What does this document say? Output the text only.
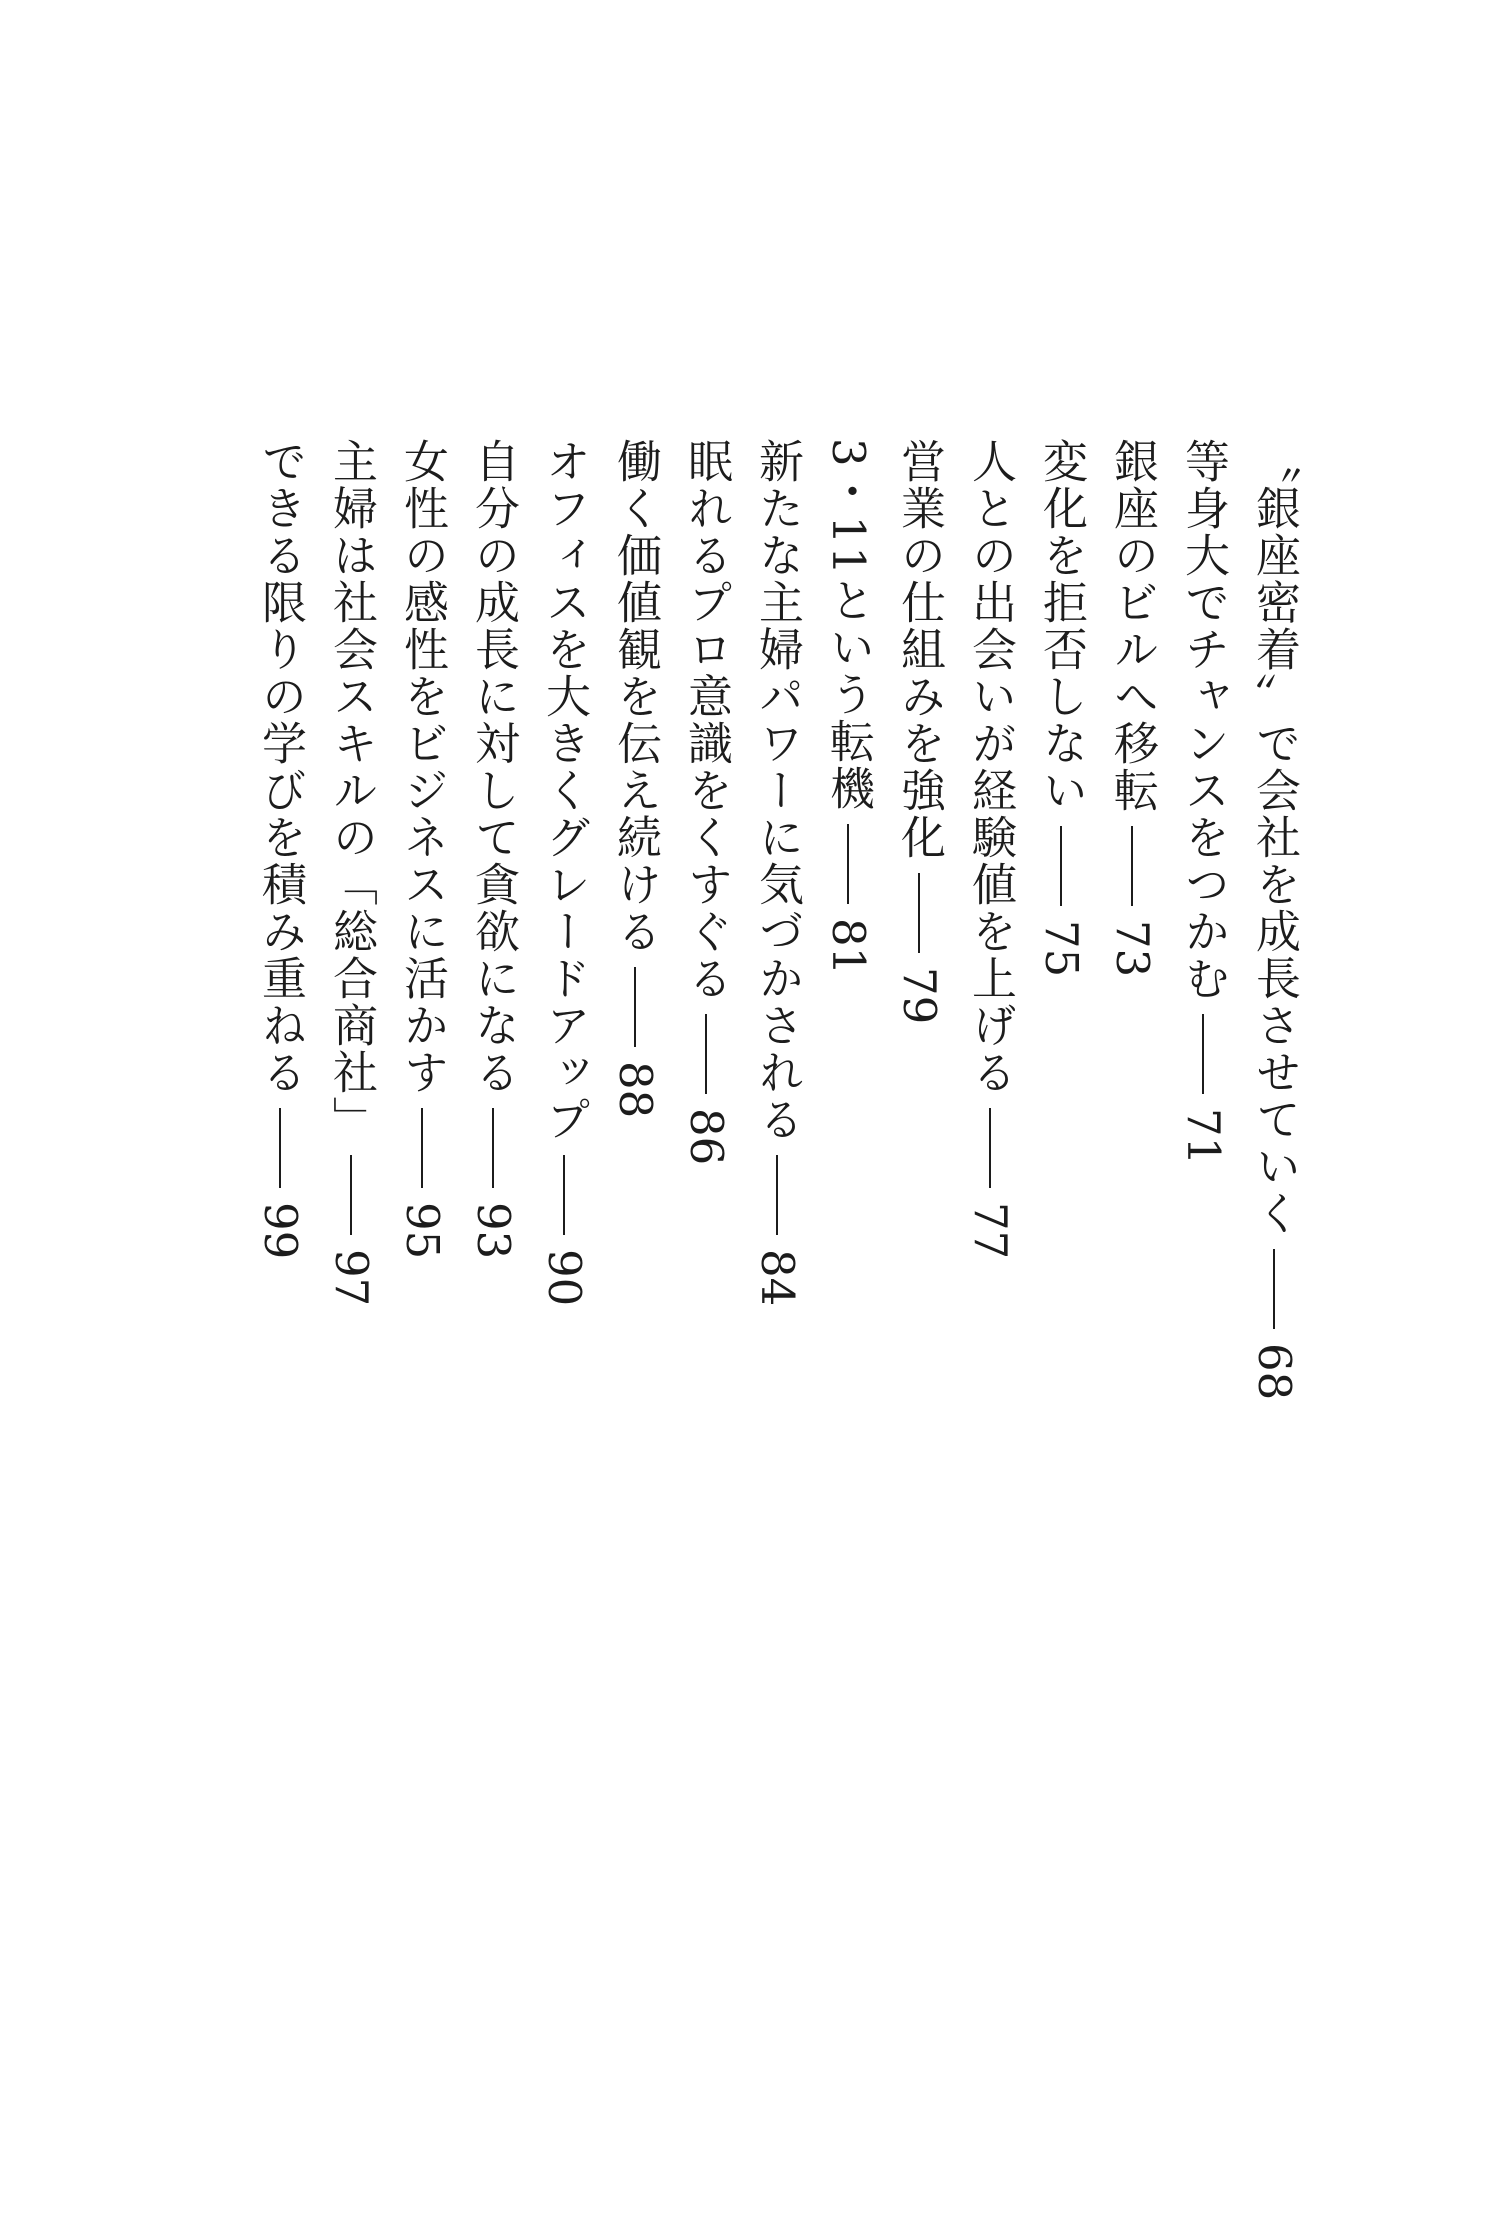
〝銀座密着〟で会社を成長させていく
68
等身大でチャンスをつかむ
71
銀座のビルへ移転
73
変化を拒否しない
75
人との出会いが経験値を上げる
77
営業の仕組みを強化
79
3・11という転機
81
新たな主婦パワーに気づかされる
84
眠れるプロ意識をくすぐる
86
働く価値観を伝え続ける
88
オフィスを大きくグレードアップ
90
自分の成長に対して貪欲になる
93
女性の感性をビジネスに活かす
95
主婦は社会スキルの「総合商社」
97
できる限りの学びを積み重ねる
99
